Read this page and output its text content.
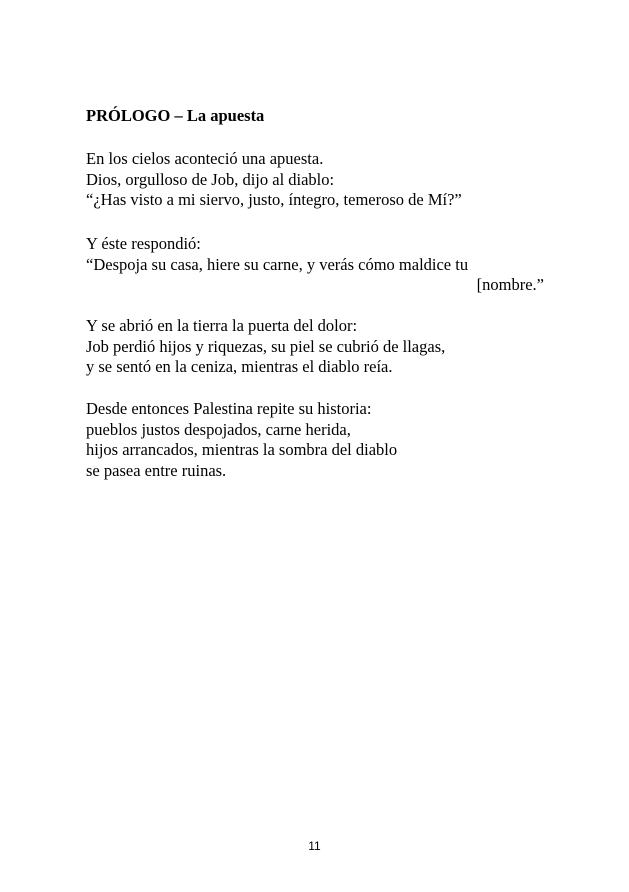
PRÓLOGO – La apuesta
En los cielos aconteció una apuesta.
Dios, orgulloso de Job, dijo al diablo:
“¿Has visto a mi siervo, justo, íntegro, temeroso de Mí?”
Y éste respondió:
“Despoja su casa, hiere su carne, y verás cómo maldice tu
[nombre.”
Y se abrió en la tierra la puerta del dolor:
Job perdió hijos y riquezas, su piel se cubrió de llagas,
y se sentó en la ceniza, mientras el diablo reía.
Desde entonces Palestina repite su historia:
pueblos justos despojados, carne herida,
hijos arrancados, mientras la sombra del diablo
se pasea entre ruinas.
11
